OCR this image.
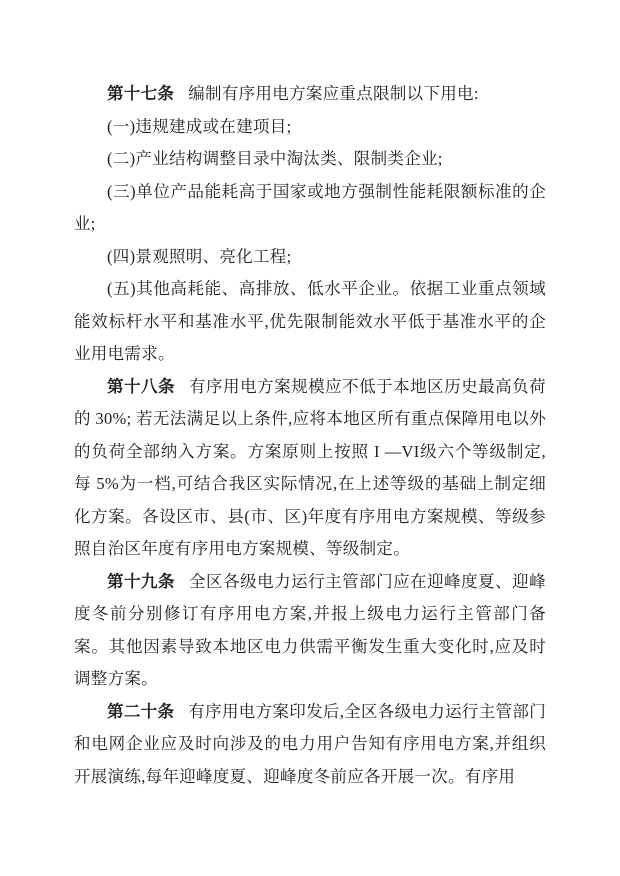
第十七条 编制有序用电方案应重点限制以下用电:

(一)违规建成或在建项目;

(二)产业结构调整目录中淘汰类、限制类企业;

(三)单位产品能耗高于国家或地方强制性能耗限额标准的企业;

(四)景观照明、亮化工程;

(五)其他高耗能、高排放、低水平企业。依据工业重点领域能效标杆水平和基准水平,优先限制能效水平低于基准水平的企业用电需求。

第十八条 有序用电方案规模应不低于本地区历史最高负荷的 30%; 若无法满足以上条件,应将本地区所有重点保障用电以外的负荷全部纳入方案。方案原则上按照 I —VI级六个等级制定,每 5%为一档,可结合我区实际情况,在上述等级的基础上制定细化方案。各设区市、县(市、区)年度有序用电方案规模、等级参照自治区年度有序用电方案规模、等级制定。

第十九条 全区各级电力运行主管部门应在迎峰度夏、迎峰度冬前分别修订有序用电方案,并报上级电力运行主管部门备案。其他因素导致本地区电力供需平衡发生重大变化时,应及时调整方案。

第二十条 有序用电方案印发后,全区各级电力运行主管部门和电网企业应及时向涉及的电力用户告知有序用电方案,并组织开展演练,每年迎峰度夏、迎峰度冬前应各开展一次。有序用
